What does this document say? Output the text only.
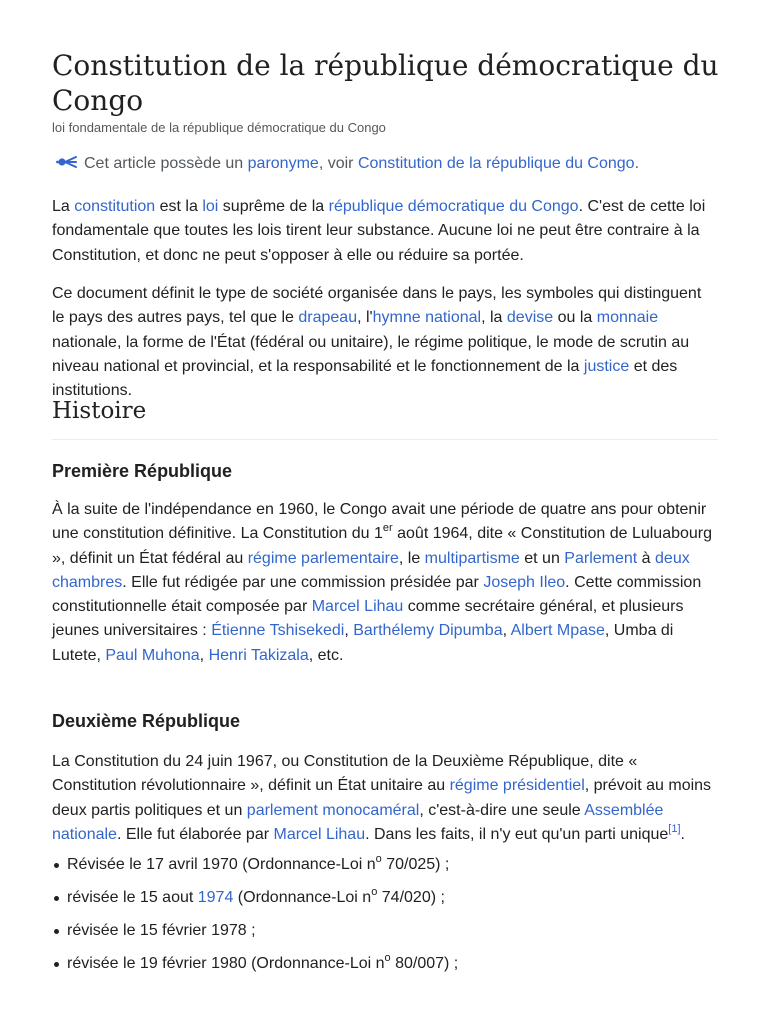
Constitution de la république démocratique du Congo
loi fondamentale de la république démocratique du Congo
Cet article possède un paronyme, voir Constitution de la république du Congo.

La constitution est la loi suprême de la république démocratique du Congo. C'est de cette loi fondamentale que toutes les lois tirent leur substance. Aucune loi ne peut être contraire à la Constitution, et donc ne peut s'opposer à elle ou réduire sa portée.

Ce document définit le type de société organisée dans le pays, les symboles qui distinguent le pays des autres pays, tel que le drapeau, l'hymne national, la devise ou la monnaie nationale, la forme de l'État (fédéral ou unitaire), le régime politique, le mode de scrutin au niveau national et provincial, et la responsabilité et le fonctionnement de la justice et des institutions.

Histoire
Première République

À la suite de l'indépendance en 1960, le Congo avait une période de quatre ans pour obtenir une constitution définitive. La Constitution du 1er août 1964, dite « Constitution de Luluabourg », définit un État fédéral au régime parlementaire, le multipartisme et un Parlement à deux chambres. Elle fut rédigée par une commission présidée par Joseph Ileo. Cette commission constitutionnelle était composée par Marcel Lihau comme secrétaire général, et plusieurs jeunes universitaires : Étienne Tshisekedi, Barthélemy Dipumba, Albert Mpase, Umba di Lutete, Paul Muhona, Henri Takizala, etc.

Deuxième République

La Constitution du 24 juin 1967, ou Constitution de la Deuxième République, dite « Constitution révolutionnaire », définit un État unitaire au régime présidentiel, prévoit au moins deux partis politiques et un parlement monocaméral, c'est-à-dire une seule Assemblée nationale. Elle fut élaborée par Marcel Lihau. Dans les faits, il n'y eut qu'un parti unique[1].

Révisée le 17 avril 1970 (Ordonnance-Loi $n^o$ 70/025) ;
révisée le 15 aout 1974 (Ordonnance-Loi $n^o$ 74/020) ;
révisée le 15 février 1978 ;
révisée le 19 février 1980 (Ordonnance-Loi $n^o$ 80/007) ;
